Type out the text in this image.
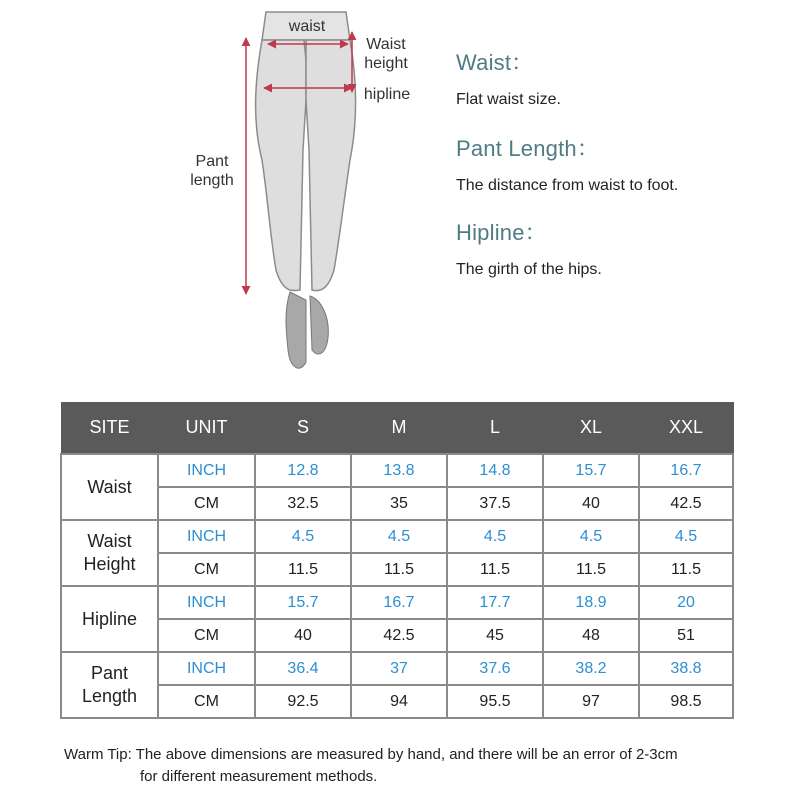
waist
Waist
height
hipline
Pant
length
Waist：
Flat waist size.
Pant Length：
The distance from waist to foot.
Hipline：
The girth of the hips.
SITE	UNIT	S	M	L	XL	XXL

Waist	INCH	12.8	13.8	14.8	15.7	16.7
	CM	32.5	35	37.5	40	42.5

Waist
Height	INCH	4.5	4.5	4.5	4.5	4.5
	CM	11.5	11.5	11.5	11.5	11.5

Hipline	INCH	15.7	16.7	17.7	18.9	20
	CM	40	42.5	45	48	51

Pant
Length	INCH	36.4	37	37.6	38.2	38.8
	CM	92.5	94	95.5	97	98.5
Warm Tip: The above dimensions are measured by hand, and there will be an error of 2-3cm
for different measurement methods.
